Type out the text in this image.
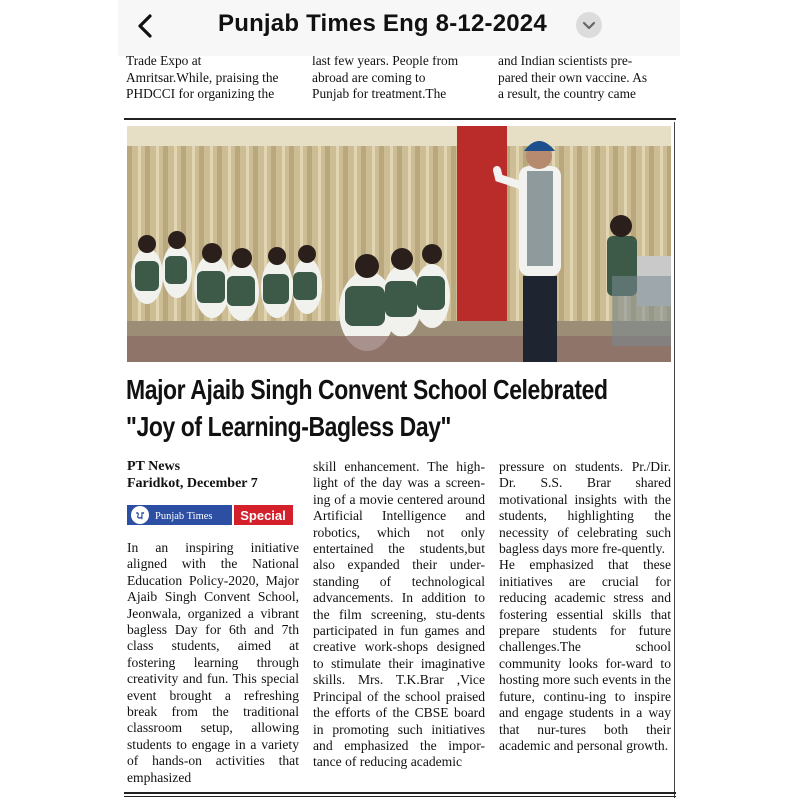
Punjab Times Eng 8-12-2024
Trade Expo at
Amritsar.While, praising the
PHDCCI for organizing the
last few years. People from
abroad are coming to
Punjab for treatment.The
and Indian scientists pre-
pared their own vaccine. As
a result, the country came
Major Ajaib Singh Convent School Celebrated
"Joy of Learning-Bagless Day"
PT News
Faridkot, December 7
ਪ Punjab Times Special
In an inspiring initiative aligned with the National Education Policy-2020, Major Ajaib Singh Convent School, Jeonwala, organized a vibrant bagless Day for 6th and 7th class students, aimed at fostering learning through creativity and fun. This special event brought a refreshing break from the traditional classroom setup, allowing students to engage in a variety of hands-on activities that emphasized
skill enhancement. The high-light of the day was a screen-ing of a movie centered around Artificial Intelligence and robotics, which not only entertained the students,but also expanded their under-standing of technological advancements. In addition to the film screening, stu-dents participated in fun games and creative work-shops designed to stimulate their imaginative skills. Mrs. T.K.Brar ,Vice Principal of the school praised the efforts of the CBSE board in promoting such initiatives and emphasized the impor-tance of reducing academic
pressure on students. Pr./Dir. Dr. S.S. Brar shared motivational insights with the students, highlighting the necessity of celebrating such bagless days more fre-quently.
He emphasized that these initiatives are crucial for reducing academic stress and fostering essential skills that prepare students for future challenges.The school community looks for-ward to hosting more such events in the future, continu-ing to inspire and engage students in a way that nur-tures both their academic and personal growth.
